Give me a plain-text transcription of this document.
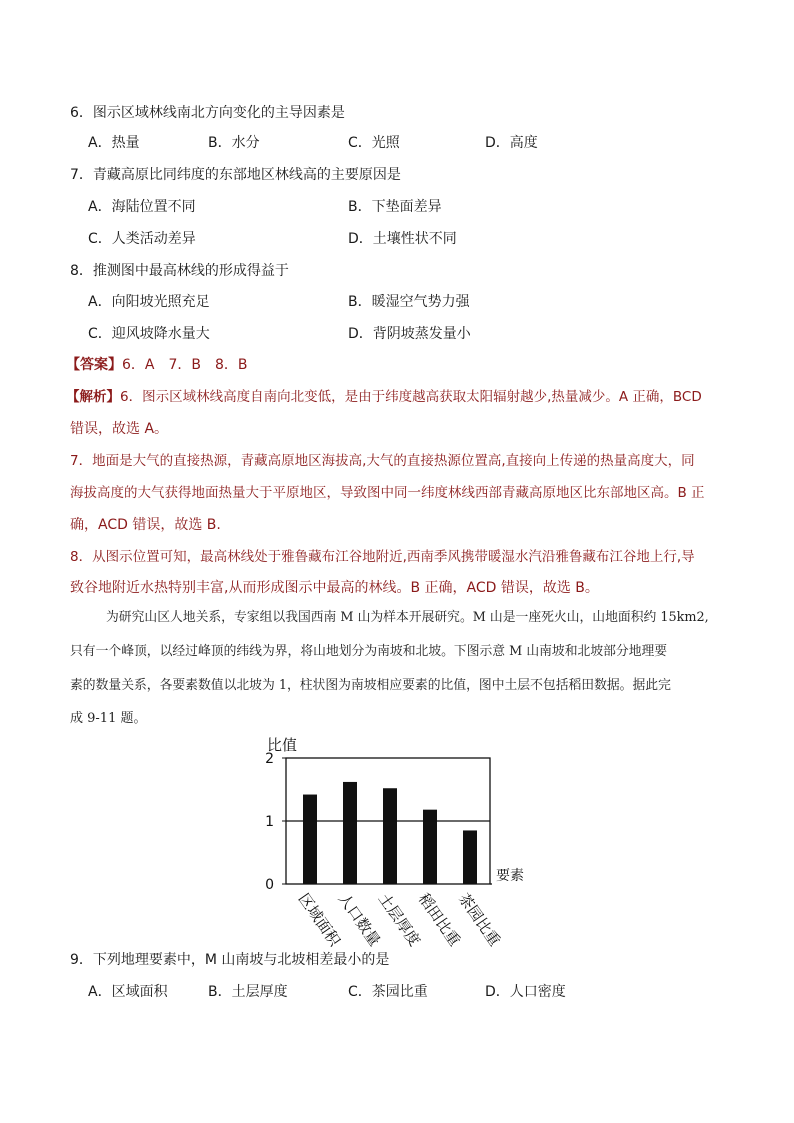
6．图示区域林线南北方向变化的主导因素是
A．热量	B．水分	C．光照	D．高度
7．青藏高原比同纬度的东部地区林线高的主要原因是
A．海陆位置不同	B．下垫面差异
C．人类活动差异	D．土壤性状不同
8．推测图中最高林线的形成得益于
A．向阳坡光照充足	B．暖湿空气势力强
C．迎风坡降水量大	D．背阴坡蒸发量小
【答案】6．A　7．B　8．B
【解析】6．图示区域林线高度自南向北变低，是由于纬度越高获取太阳辐射越少,热量减少。A 正确，BCD
错误，故选 A。
7．地面是大气的直接热源，青藏高原地区海拔高,大气的直接热源位置高,直接向上传递的热量高度大，同
海拔高度的大气获得地面热量大于平原地区，导致图中同一纬度林线西部青藏高原地区比东部地区高。B 正
确，ACD 错误，故选 B.
8．从图示位置可知，最高林线处于雅鲁藏布江谷地附近,西南季风携带暖湿水汽沿雅鲁藏布江谷地上行,导
致谷地附近水热特别丰富,从而形成图示中最高的林线。B 正确，ACD 错误，故选 B。
为研究山区人地关系，专家组以我国西南 M 山为样本开展研究。M 山是一座死火山，山地面积约 15km2,
只有一个峰顶，以经过峰顶的纬线为界，将山地划分为南坡和北坡。下图示意 M 山南坡和北坡部分地理要
素的数量关系，各要素数值以北坡为 1，柱状图为南坡相应要素的比值，图中土层不包括稻田数据。据此完
成 9-11 题。
0
1
2
比值
要素
区域面积
人口数量
土层厚度
稻田比重
茶园比重
9．下列地理要素中，M 山南坡与北坡相差最小的是
A．区域面积	B．土层厚度	C．茶园比重	D．人口密度
